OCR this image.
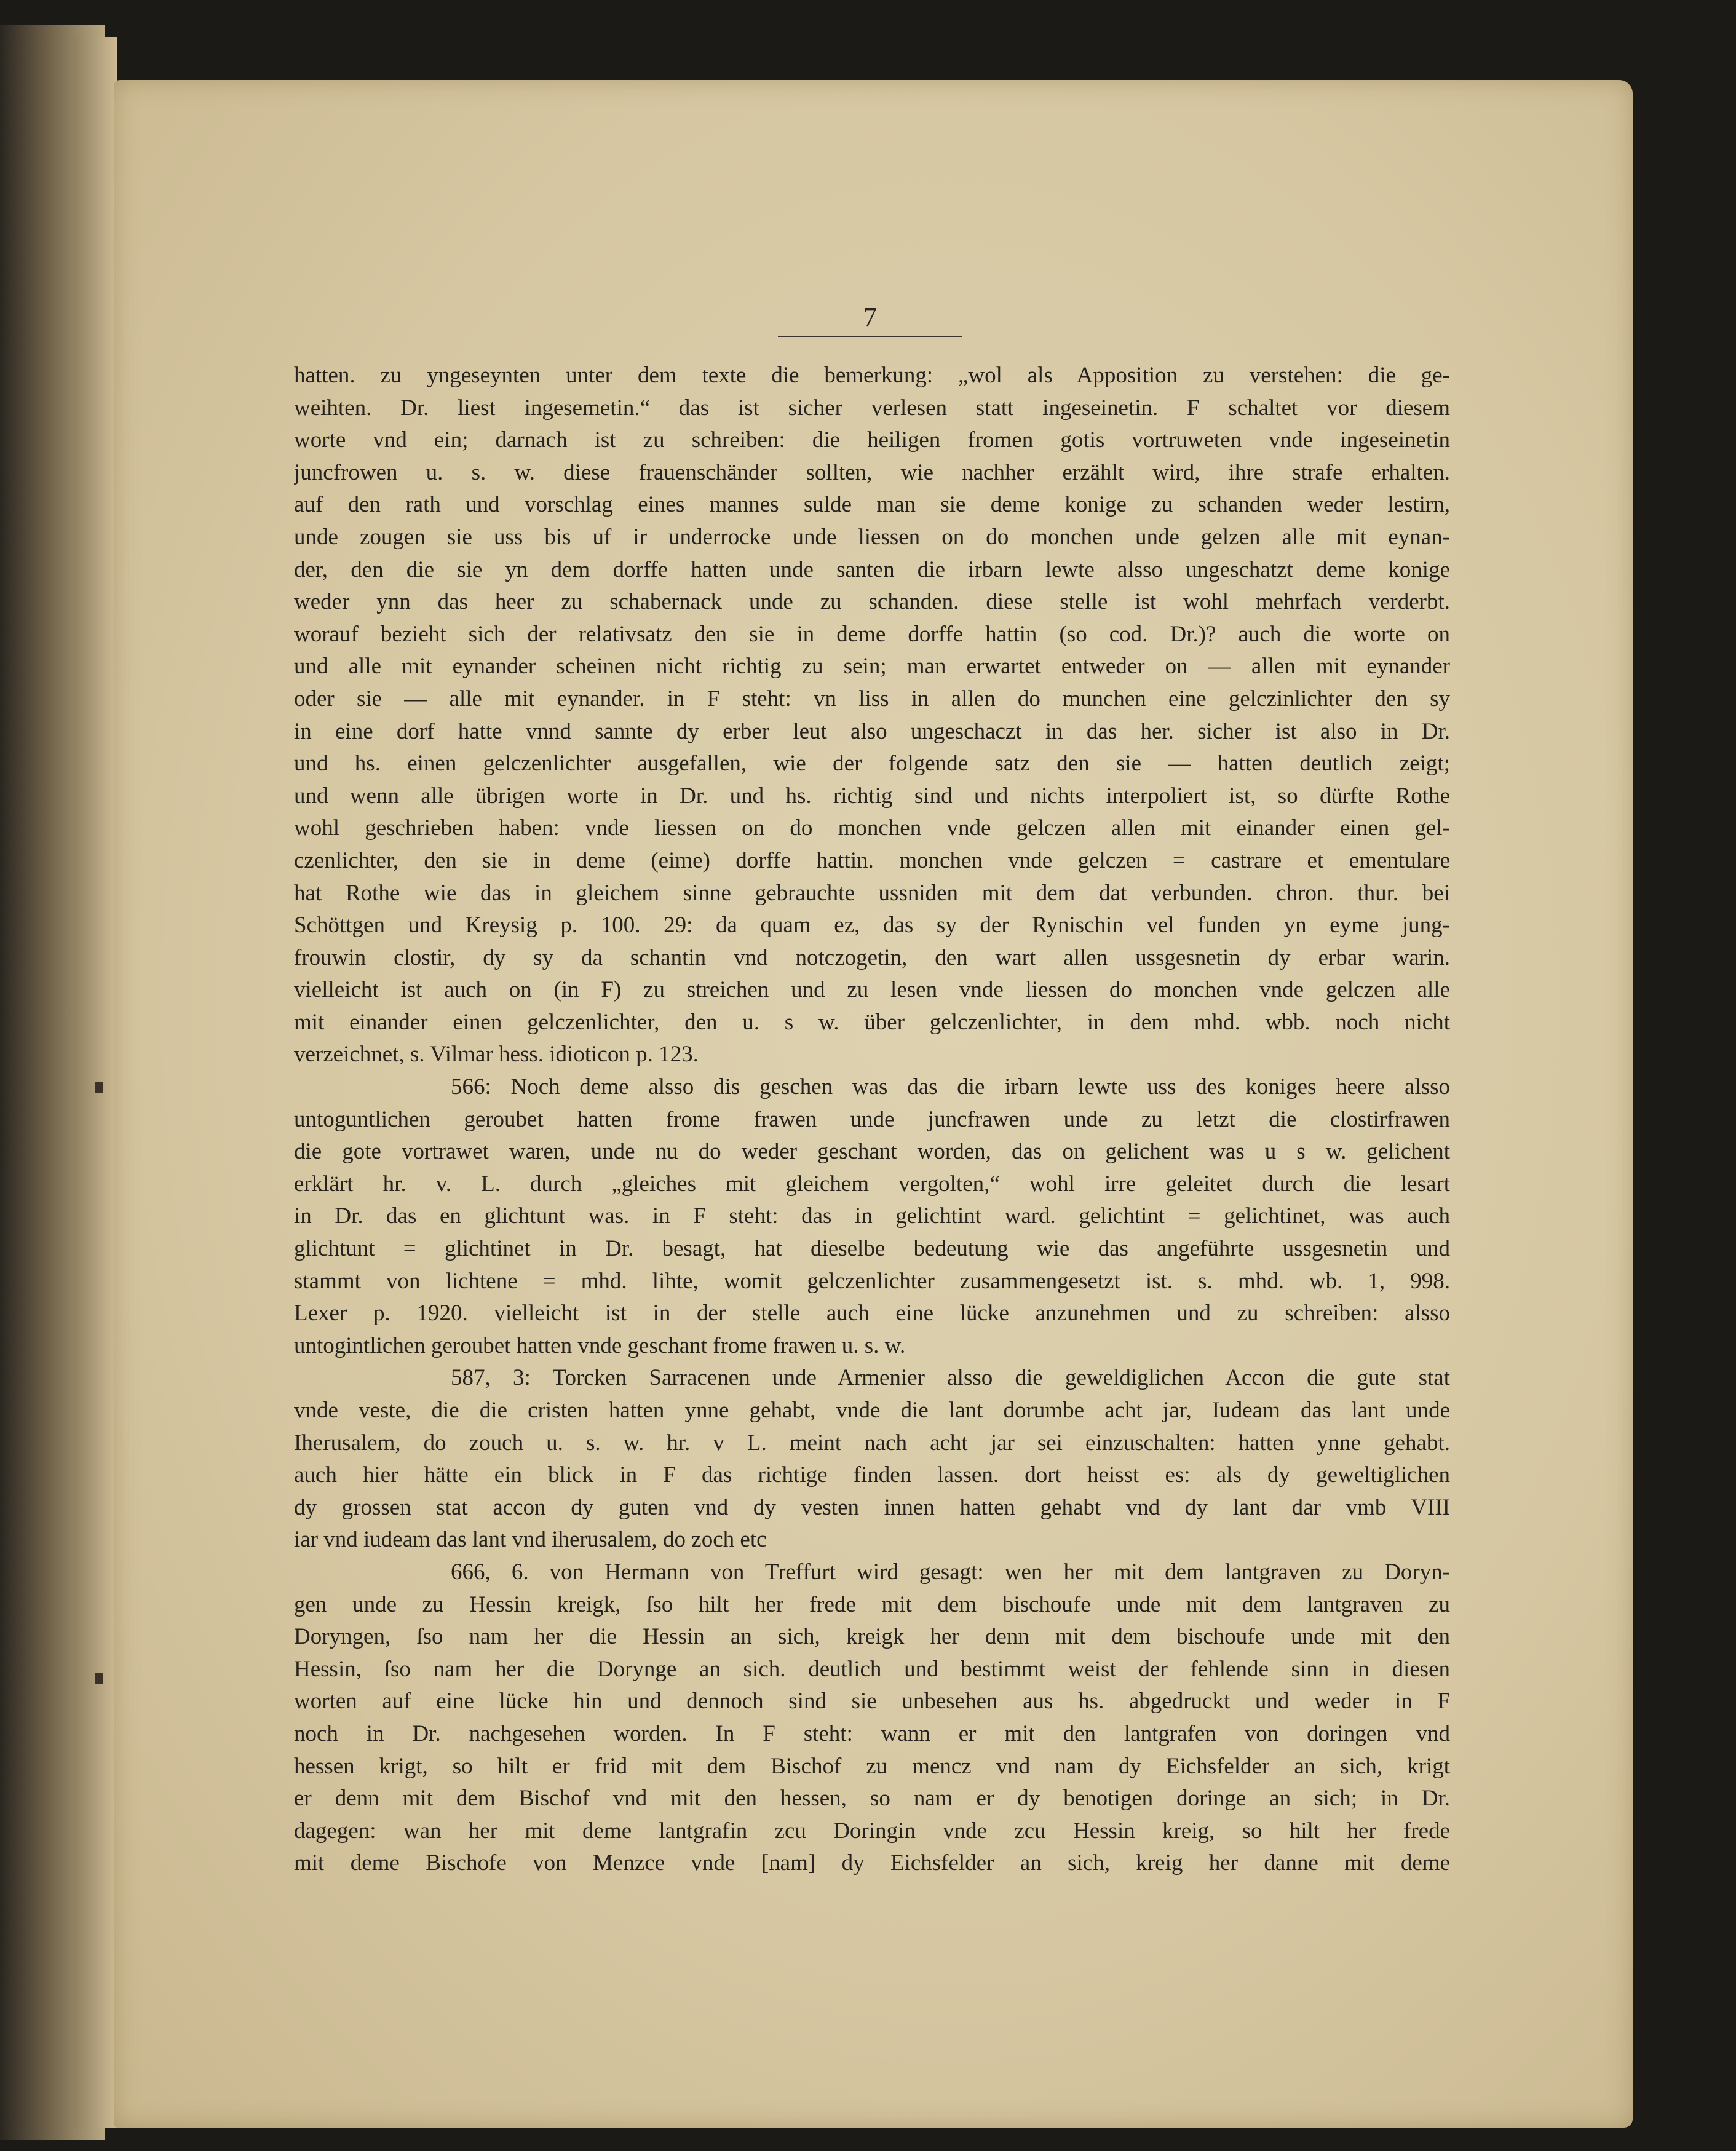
7
hatten. zu yngeseynten unter dem texte die bemerkung: „wol als Apposition zu verstehen: die ge-
weihten. Dr. liest ingesemetin.“ das ist sicher verlesen statt ingeseinetin. F schaltet vor diesem
worte vnd ein; darnach ist zu schreiben: die heiligen fromen gotis vortruweten vnde ingeseinetin
juncfrowen u. s. w. diese frauenschänder sollten, wie nachher erzählt wird, ihre strafe erhalten.
auf den rath und vorschlag eines mannes sulde man sie deme konige zu schanden weder lestirn,
unde zougen sie uss bis uf ir underrocke unde liessen on do monchen unde gelzen alle mit eynan-
der, den die sie yn dem dorffe hatten unde santen die irbarn lewte alsso ungeschatzt deme konige
weder ynn das heer zu schabernack unde zu schanden. diese stelle ist wohl mehrfach verderbt.
worauf bezieht sich der relativsatz den sie in deme dorffe hattin (so cod. Dr.)? auch die worte on
und alle mit eynander scheinen nicht richtig zu sein; man erwartet entweder on — allen mit eynander
oder sie — alle mit eynander. in F steht: vn liss in allen do munchen eine gelczinlichter den sy
in eine dorf hatte vnnd sannte dy erber leut also ungeschaczt in das her. sicher ist also in Dr.
und hs. einen gelczenlichter ausgefallen, wie der folgende satz den sie — hatten deutlich zeigt;
und wenn alle übrigen worte in Dr. und hs. richtig sind und nichts interpoliert ist, so dürfte Rothe
wohl geschrieben haben: vnde liessen on do monchen vnde gelczen allen mit einander einen gel-
czenlichter, den sie in deme (eime) dorffe hattin. monchen vnde gelczen = castrare et ementulare
hat Rothe wie das in gleichem sinne gebrauchte ussniden mit dem dat verbunden. chron. thur. bei
Schöttgen und Kreysig p. 100. 29: da quam ez, das sy der Rynischin vel funden yn eyme jung-
frouwin clostir, dy sy da schantin vnd notczogetin, den wart allen ussgesnetin dy erbar warin.
vielleicht ist auch on (in F) zu streichen und zu lesen vnde liessen do monchen vnde gelczen alle
mit einander einen gelczenlichter, den u. s w. über gelczenlichter, in dem mhd. wbb. noch nicht
verzeichnet, s. Vilmar hess. idioticon p. 123.
566: Noch deme alsso dis geschen was das die irbarn lewte uss des koniges heere alsso
untoguntlichen geroubet hatten frome frawen unde juncfrawen unde zu letzt die clostirfrawen
die gote vortrawet waren, unde nu do weder geschant worden, das on gelichent was u s w. gelichent
erklärt hr. v. L. durch „gleiches mit gleichem vergolten,“ wohl irre geleitet durch die lesart
in Dr. das en glichtunt was. in F steht: das in gelichtint ward. gelichtint = gelichtinet, was auch
glichtunt = glichtinet in Dr. besagt, hat dieselbe bedeutung wie das angeführte ussgesnetin und
stammt von lichtene = mhd. lihte, womit gelczenlichter zusammengesetzt ist. s. mhd. wb. 1, 998.
Lexer p. 1920. vielleicht ist in der stelle auch eine lücke anzunehmen und zu schreiben: alsso
untogintlichen geroubet hatten vnde geschant frome frawen u. s. w.
587, 3: Torcken Sarracenen unde Armenier alsso die geweldiglichen Accon die gute stat
vnde veste, die die cristen hatten ynne gehabt, vnde die lant dorumbe acht jar, Iudeam das lant unde
Iherusalem, do zouch u. s. w. hr. v L. meint nach acht jar sei einzuschalten: hatten ynne gehabt.
auch hier hätte ein blick in F das richtige finden lassen. dort heisst es: als dy geweltiglichen
dy grossen stat accon dy guten vnd dy vesten innen hatten gehabt vnd dy lant dar vmb VIII
iar vnd iudeam das lant vnd iherusalem, do zoch etc
666, 6. von Hermann von Treffurt wird gesagt: wen her mit dem lantgraven zu Doryn-
gen unde zu Hessin kreigk, ſso hilt her frede mit dem bischoufe unde mit dem lantgraven zu
Doryngen, ſso nam her die Hessin an sich, kreigk her denn mit dem bischoufe unde mit den
Hessin, ſso nam her die Dorynge an sich. deutlich und bestimmt weist der fehlende sinn in diesen
worten auf eine lücke hin und dennoch sind sie unbesehen aus hs. abgedruckt und weder in F
noch in Dr. nachgesehen worden. In F steht: wann er mit den lantgrafen von doringen vnd
hessen krigt, so hilt er frid mit dem Bischof zu mencz vnd nam dy Eichsfelder an sich, krigt
er denn mit dem Bischof vnd mit den hessen, so nam er dy benotigen doringe an sich; in Dr.
dagegen: wan her mit deme lantgrafin zcu Doringin vnde zcu Hessin kreig, so hilt her frede
mit deme Bischofe von Menzce vnde [nam] dy Eichsfelder an sich, kreig her danne mit deme
